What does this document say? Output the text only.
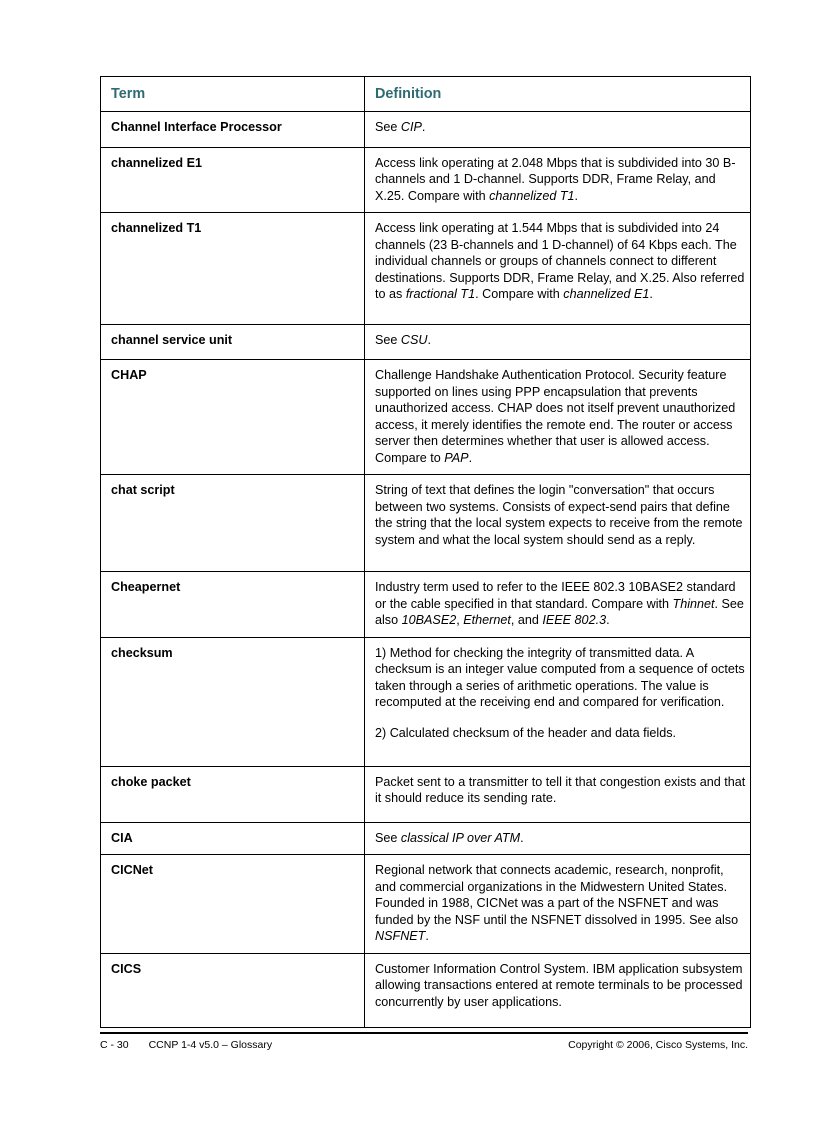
Term	Definition
Channel Interface Processor	See CIP.

channelized E1	Access link operating at 2.048 Mbps that is subdivided into 30 B-channels and 1 D-channel. Supports DDR, Frame Relay, and X.25. Compare with channelized T1.

channelized T1	Access link operating at 1.544 Mbps that is subdivided into 24 channels (23 B-channels and 1 D-channel) of 64 Kbps each. The individual channels or groups of channels connect to different destinations. Supports DDR, Frame Relay, and X.25. Also referred to as fractional T1. Compare with channelized E1.

channel service unit	See CSU.

CHAP	Challenge Handshake Authentication Protocol. Security feature supported on lines using PPP encapsulation that prevents unauthorized access. CHAP does not itself prevent unauthorized access, it merely identifies the remote end. The router or access server then determines whether that user is allowed access. Compare to PAP.

chat script	String of text that defines the login "conversation" that occurs between two systems. Consists of expect-send pairs that define the string that the local system expects to receive from the remote system and what the local system should send as a reply.

Cheapernet	Industry term used to refer to the IEEE 802.3 10BASE2 standard or the cable specified in that standard. Compare with Thinnet. See also 10BASE2, Ethernet, and IEEE 802.3.

checksum	1) Method for checking the integrity of transmitted data. A checksum is an integer value computed from a sequence of octets taken through a series of arithmetic operations. The value is recomputed at the receiving end and compared for verification.

2) Calculated checksum of the header and data fields.

choke packet	Packet sent to a transmitter to tell it that congestion exists and that it should reduce its sending rate.

CIA	See classical IP over ATM.

CICNet	Regional network that connects academic, research, nonprofit, and commercial organizations in the Midwestern United States. Founded in 1988, CICNet was a part of the NSFNET and was funded by the NSF until the NSFNET dissolved in 1995. See also NSFNET.

CICS	Customer Information Control System. IBM application subsystem allowing transactions entered at remote terminals to be processed concurrently by user applications.

C - 30 CCNP 1-4 v5.0 – Glossary	Copyright © 2006, Cisco Systems, Inc.
